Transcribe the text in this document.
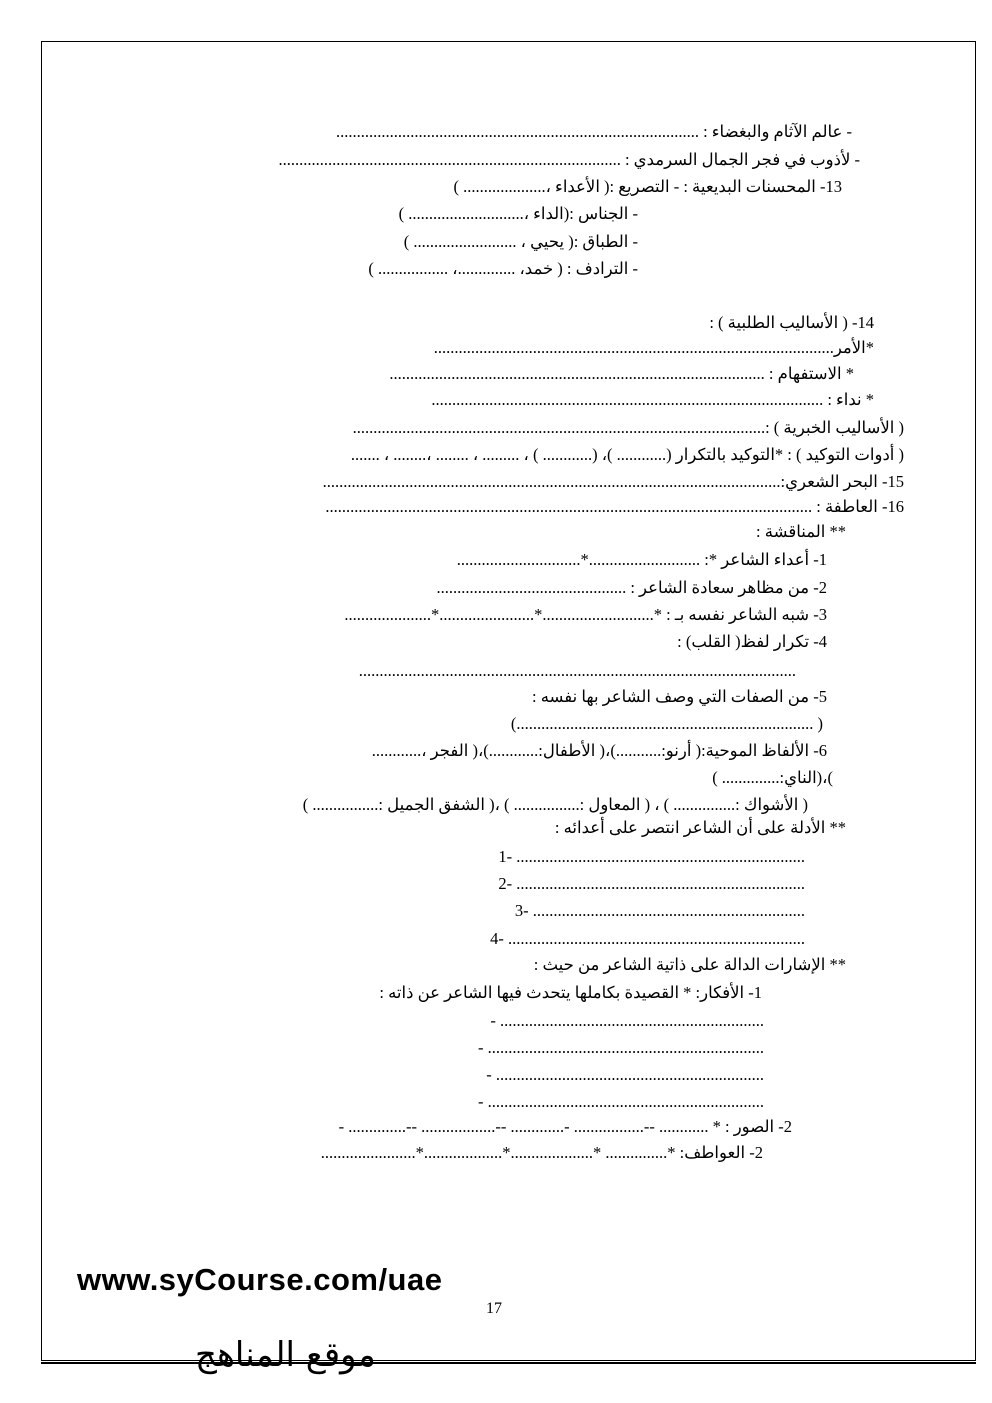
- عالم الآثام والبغضاء : ........................................................................................
- لأذوب في فجر الجمال السرمدي : ...................................................................................
13- المحسنات البديعية : - التصريع :( الأعداء ،.................... )
- الجناس :(الداء ،............................ )
- الطباق :( يحيي ، ......................... )
- الترادف : ( خمد، ..............، ................. )
14- ( الأساليب الطلبية ) :
*الأمر.................................................................................................
* الاستفهام : ...........................................................................................
* نداء : ...............................................................................................
( الأساليب الخبرية ) :....................................................................................................
( أدوات التوكيد ) : *التوكيد بالتكرار (............ )، (............ ) ، ......... ، ........ ،........ ، .......
15- البحر الشعري:...............................................................................................................
16- العاطفة : ......................................................................................................................
** المناقشة :
1- أعداء الشاعر *: ...........................*..............................
2- من مظاهر سعادة الشاعر : ..............................................
3- شبه الشاعر نفسه بـ : *...........................*.......................*.....................
4- تكرار لفظ( القلب) :
..........................................................................................................
5- من الصفات التي وصف الشاعر بها نفسه :
(........................................................................ )
6- الألفاظ الموحية:( أرنو:...........)،( الأطفال:............)،( الفجر ،............
)،(الناي:.............. )
( الأشواك :............... ) ، ( المعاول :................ ) ،( الشفق الجميل :................ )
** الأدلة على أن الشاعر انتصر على أعدائه :
1- ......................................................................
2- ......................................................................
3- ..................................................................
4- ........................................................................
** الإشارات الدالة على ذاتية الشاعر من حيث :
1- الأفكار: * القصيدة بكاملها يتحدث فيها الشاعر عن ذاته :
- ................................................................
- ...................................................................
- .................................................................
- ...................................................................
2- الصور : * ............ --................. -............. --.................. --.............. -
2- العواطف: *............... *....................*...................*.......................
www.syCourse.com/uae
17
موقع المناهج
